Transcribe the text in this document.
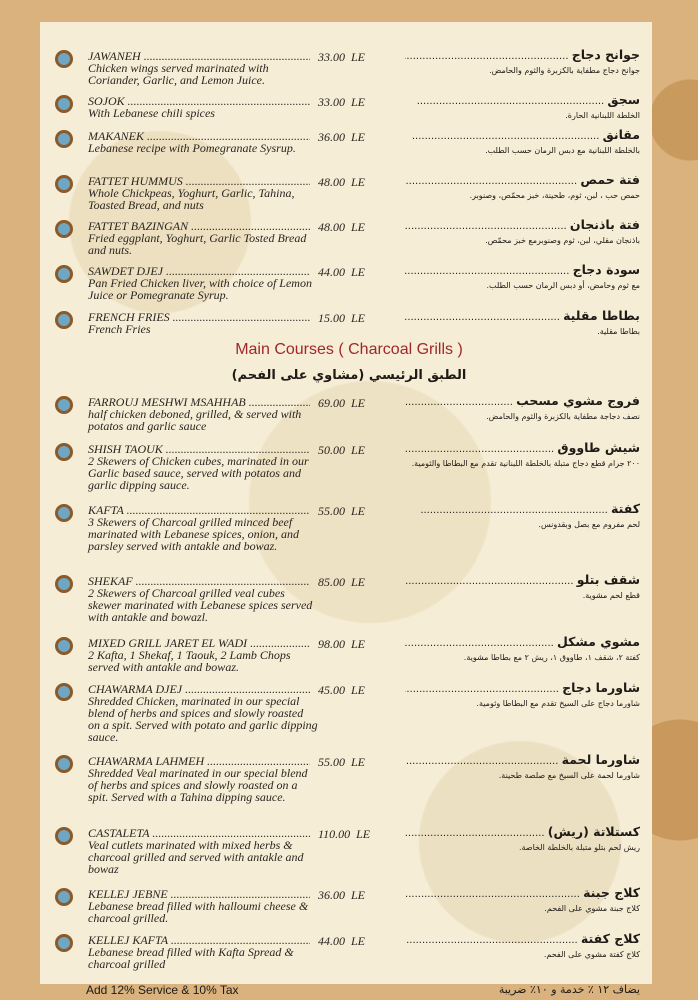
JAWANEH .....
Chicken wings served marinated with Coriander, Garlic, and Lemon Juice.
33.00 LE	جوانح دجاج .....
جوانح دجاج مطفاية بالكزبرة والثوم والحامض.
SOJOK .....
With Lebanese chili spices
33.00 LE	سجق .....
الخلطة اللبنانية الحارة.
MAKANEK .....
Lebanese recipe with Pomegranate Sysrup.
36.00 LE	مقانق .....
بالخلطة اللبنانية مع دبس الرمان حسب الطلب.
FATTET HUMMUS .....
Whole Chickpeas, Yoghurt, Garlic, Tahina, Toasted Bread, and nuts
48.00 LE	فتة حمص .....
حمص حب ، لبن، ثوم، طحينة، خبز محمّص، وصنوبر.
FATTET BAZINGAN .....
Fried eggplant, Yoghurt, Garlic Tosted Bread and nuts.
48.00 LE	فتة باذنجان .....
باذنجان مقلي، لبن، ثوم وصنوبرمع خبز محمّص.
SAWDET DJEJ .....
Pan Fried Chicken liver, with choice of Lemon Juice or Pomegranate Syrup.
44.00 LE	سودة دجاج .....
مع ثوم وحامض، أو دبس الرمان حسب الطلب.
FRENCH FRIES .....
French Fries
15.00 LE	بطاطا مقلية .....
بطاطا مقلية.
FARROUJ MESHWI MSAHHAB .....
half chicken deboned, grilled, & served with potatos and garlic sauce
69.00 LE	فروج مشوي مسحب .....
نصف دجاجة مطفاية بالكزبرة والثوم والحامض.
SHISH TAOUK .....
2 Skewers of Chicken cubes, marinated in our Garlic based sauce, served with potatos and garlic dipping sauce.
50.00 LE	شيش طاووق .....
٢٠٠ جرام قطع دجاج متبلة بالخلطة اللبنانية تقدم مع البطاطا والثومية.
KAFTA .....
3 Skewers of Charcoal grilled minced beef marinated with Lebanese spices, onion, and parsley served with antakle and bowaz.
55.00 LE	كفتة .....
لحم مفروم مع بصل وبقدونس.
SHEKAF .....
2 Skewers of Charcoal grilled veal cubes skewer marinated with Lebanese spices served with antakle and bowazl.
85.00 LE	شقف بتلو .....
قطع لحم مشوية.
MIXED GRILL JARET EL WADI .....
2 Kafta, 1 Shekaf, 1 Taouk, 2 Lamb Chops served with antakle and bowaz.
98.00 LE	مشوي مشكل .....
كفتة ٢، شقف ١، طاووق ١، ريش ٢ مع بطاطا مشوية.
CHAWARMA DJEJ .....
Shredded Chicken, marinated in our special blend of herbs and spices and slowly roasted on a spit. Served with potato and garlic dipping sauce.
45.00 LE	شاورما دجاج .....
شاورما دجاج على السيخ تقدم مع البطاطا وثومية.
CHAWARMA LAHMEH .....
Shredded Veal marinated in our special blend of herbs and spices and slowly roasted on a spit. Served with a Tahina dipping sauce.
55.00 LE	شاورما لحمة .....
شاورما لحمة على السيخ مع صلصة طحينة.
CASTALETA .....
Veal cutlets marinated with mixed herbs & charcoal grilled and served with antakle and bowaz
110.00 LE	كستلاتة (ريش) .....
ريش لحم بتلو متبلة بالخلطة الخاصة.
KELLEJ JEBNE .....
Lebanese bread filled with halloumi cheese & charcoal grilled.
36.00 LE	كلاج جبنة .....
كلاج جبنة مشوي على الفحم.
KELLEJ KAFTA .....
Lebanese bread filled with Kafta Spread & charcoal grilled
44.00 LE	كلاج كفتة .....
كلاج كفتة مشوي على الفحم.
Main Courses ( Charcoal Grills )
الطبق الرئيسي (مشاوي على الفحم)
Add 12% Service & 10% Tax	يضاف ١٢ ٪ خدمة و ١٠٪ ضريبة
